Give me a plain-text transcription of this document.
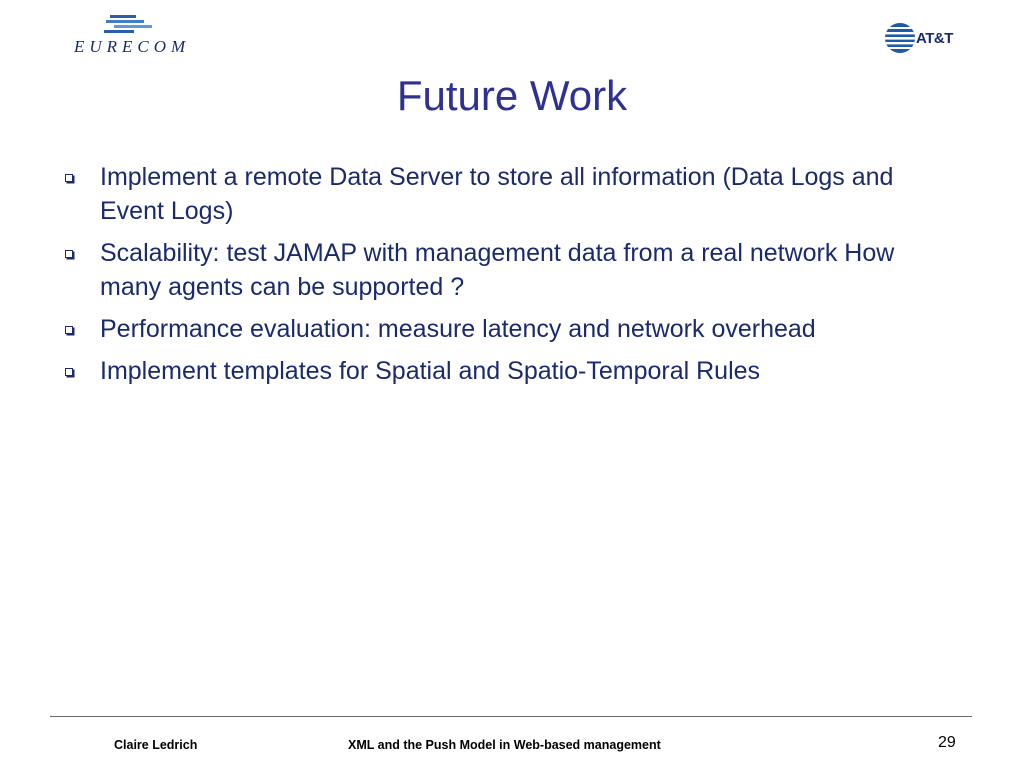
EURECOM	AT&T
Future Work
Implement a remote Data Server to store all information (Data Logs and Event Logs)
Scalability: test JAMAP with management data from a real network How many agents can be supported ?
Performance evaluation: measure latency and network overhead
Implement templates for Spatial and Spatio-Temporal Rules
Claire Ledrich	XML and the Push Model in Web-based management	29
